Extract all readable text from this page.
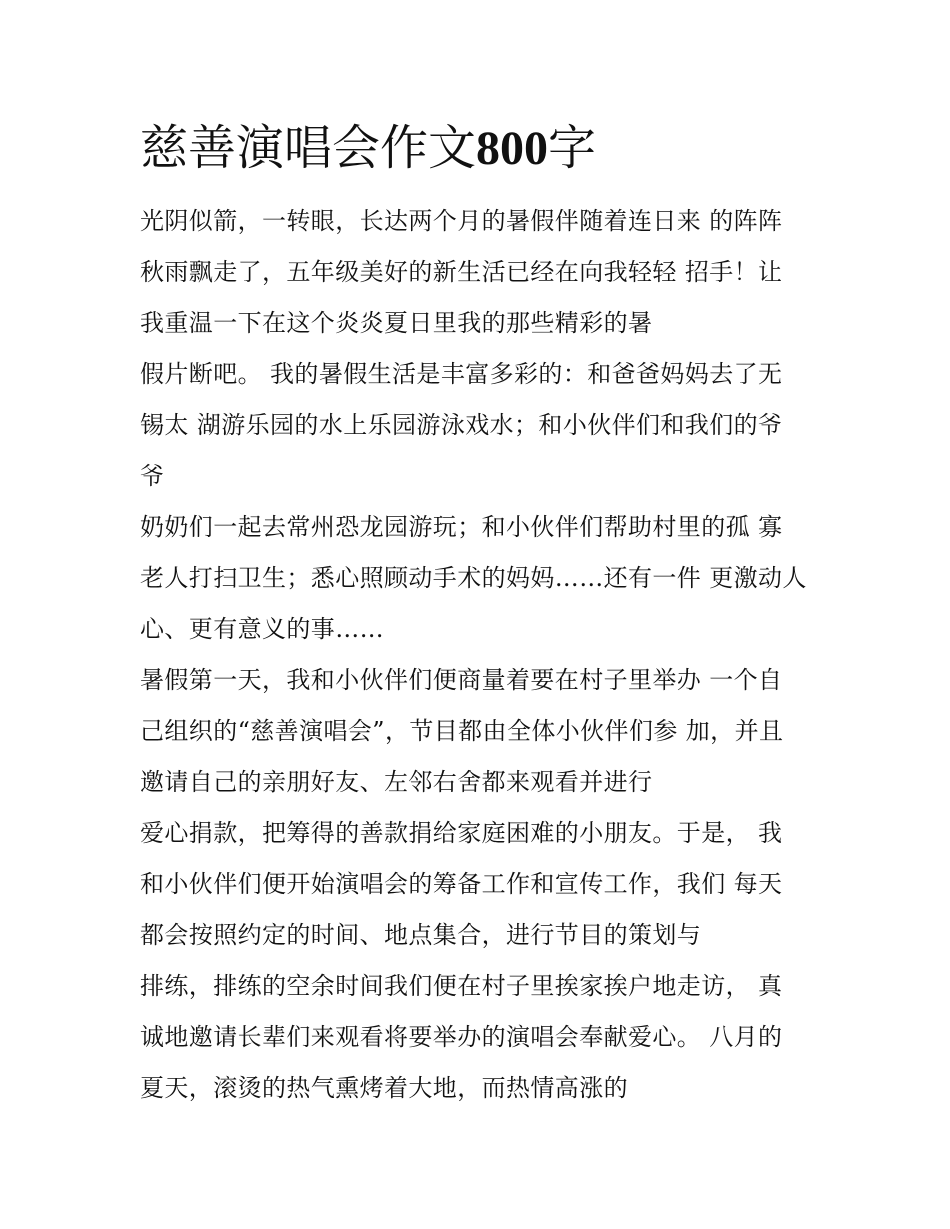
慈善演唱会作文800字
光阴似箭，一转眼，长达两个月的暑假伴随着连日来 的阵阵
秋雨飘走了，五年级美好的新生活已经在向我轻轻 招手！让
我重温一下在这个炎炎夏日里我的那些精彩的暑
假片断吧。 我的暑假生活是丰富多彩的：和爸爸妈妈去了无
锡太 湖游乐园的水上乐园游泳戏水；和小伙伴们和我们的爷
爷
奶奶们一起去常州恐龙园游玩；和小伙伴们帮助村里的孤 寡
老人打扫卫生；悉心照顾动手术的妈妈……还有一件 更激动人
心、更有意义的事……
暑假第一天，我和小伙伴们便商量着要在村子里举办 一个自
己组织的“慈善演唱会”，节目都由全体小伙伴们参 加，并且
邀请自己的亲朋好友、左邻右舍都来观看并进行
爱心捐款，把筹得的善款捐给家庭困难的小朋友。于是， 我
和小伙伴们便开始演唱会的筹备工作和宣传工作，我们 每天
都会按照约定的时间、地点集合，进行节目的策划与
排练，排练的空余时间我们便在村子里挨家挨户地走访， 真
诚地邀请长辈们来观看将要举办的演唱会奉献爱心。 八月的
夏天，滚烫的热气熏烤着大地，而热情高涨的
